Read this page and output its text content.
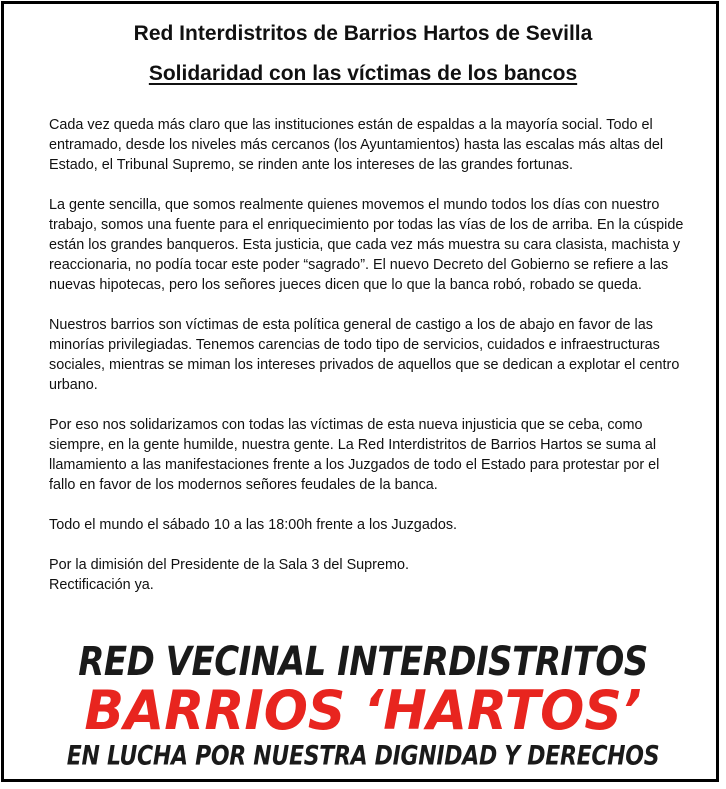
Red Interdistritos de Barrios Hartos de Sevilla
Solidaridad con las víctimas de los bancos

Cada vez queda más claro que las instituciones están de espaldas a la mayoría social. Todo el entramado, desde los niveles más cercanos (los Ayuntamientos) hasta las escalas más altas del Estado, el Tribunal Supremo, se rinden ante los intereses de las grandes fortunas.

La gente sencilla, que somos realmente quienes movemos el mundo todos los días con nuestro trabajo, somos una fuente para el enriquecimiento por todas las vías de los de arriba. En la cúspide están los grandes banqueros. Esta justicia, que cada vez más muestra su cara clasista, machista y reaccionaria, no podía tocar este poder “sagrado”. El nuevo Decreto del Gobierno se refiere a las nuevas hipotecas, pero los señores jueces dicen que lo que la banca robó, robado se queda.

Nuestros barrios son víctimas de esta política general de castigo a los de abajo en favor de las minorías privilegiadas. Tenemos carencias de todo tipo de servicios, cuidados e infraestructuras sociales, mientras se miman los intereses privados de aquellos que se dedican a explotar el centro urbano.

Por eso nos solidarizamos con todas las víctimas de esta nueva injusticia que se ceba, como siempre, en la gente humilde, nuestra gente. La Red Interdistritos de Barrios Hartos se suma al llamamiento a las manifestaciones frente a los Juzgados de todo el Estado para protestar por el fallo en favor de los modernos señores feudales de la banca.

Todo el mundo el sábado 10 a las 18:00h frente a los Juzgados.

Por la dimisión del Presidente de la Sala 3 del Supremo.

Rectificación ya.

RED VECINAL INTERDISTRITOS
BARRIOS ‘HARTOS’
EN LUCHA POR NUESTRA DIGNIDAD Y DERECHOS
